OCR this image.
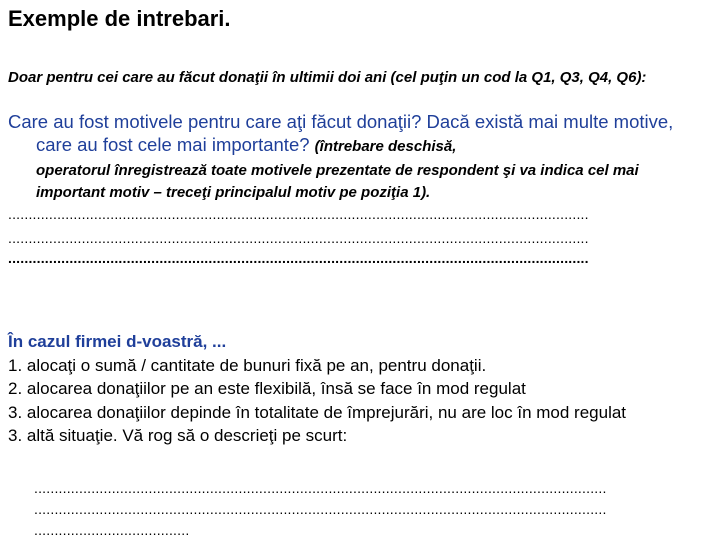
Exemple de intrebari.
Doar pentru cei care au făcut donaţii în ultimii doi ani (cel puţin un cod la Q1, Q3, Q4, Q6):
Care au fost motivele pentru care aţi făcut donaţii? Dacă există mai multe motive, care au fost cele mai importante? (întrebare deschisă,
operatorul înregistrează toate motivele prezentate de respondent şi va indica cel mai important motiv – treceţi principalul motiv pe poziţia 1).
..............................................................................................................................................
..............................................................................................................................................
..............................................................................................................................................
În cazul firmei d-voastră, ...
1. alocaţi o sumă / cantitate de bunuri fixă pe an, pentru donaţii.
2. alocarea donaţiilor pe an este flexibilă, însă se face în mod regulat
3. alocarea donaţiilor depinde în totalitate de împrejurări, nu are loc în mod regulat
3. altă situaţie. Vă rog să o descrieţi pe scurt:
............................................................................................................................................
............................................................................................................................................
......................................
